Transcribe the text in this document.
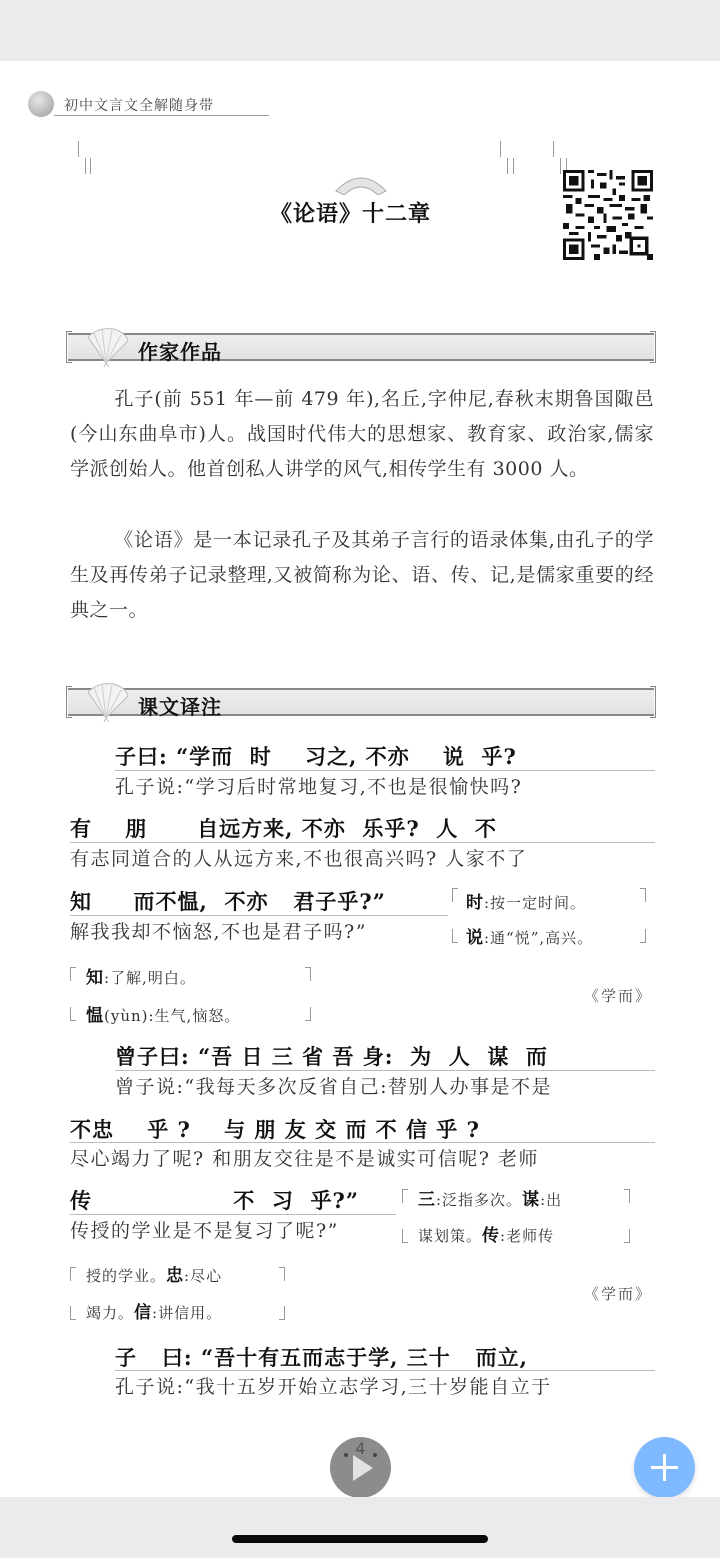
初中文言文全解随身带
《论语》十二章
作家作品
孔子(前 551 年—前 479 年),名丘,字仲尼,春秋末期鲁国陬邑(今山东曲阜市)人。战国时代伟大的思想家、教育家、政治家,儒家学派创始人。他首创私人讲学的风气,相传学生有 3000 人。
《论语》是一本记录孔子及其弟子言行的语录体集,由孔子的学生及再传弟子记录整理,又被简称为论、语、传、记,是儒家重要的经典之一。
课文译注
子曰: “学而  时    习之, 不亦    说  乎?
孔子说:“学习后时常地复习,不也是很愉快吗?
有    朋      自远方来, 不亦  乐乎?  人  不
有志同道合的人从远方来,不也很高兴吗? 人家不了
知     而不愠,  不亦   君子乎?”
解我我却不恼怒,不也是君子吗?”
时:按一定时间。
说:通“悦”,高兴。
知:了解,明白。
愠(yùn):生气,恼怒。
《学而》
曾子曰: “吾 日 三 省 吾 身:  为  人  谋  而
曾子说:“我每天多次反省自己:替别人办事是不是
不忠    乎 ?    与 朋 友 交 而 不 信 乎 ?
尽心竭力了呢? 和朋友交往是不是诚实可信呢? 老师
传                 不  习  乎?”
传授的学业是不是复习了呢?”
三:泛指多次。谋:出
谋划策。传:老师传
授的学业。忠:尽心
竭力。信:讲信用。
《学而》
子   曰: “吾十有五而志于学, 三十   而立,
孔子说:“我十五岁开始立志学习,三十岁能自立于
4
